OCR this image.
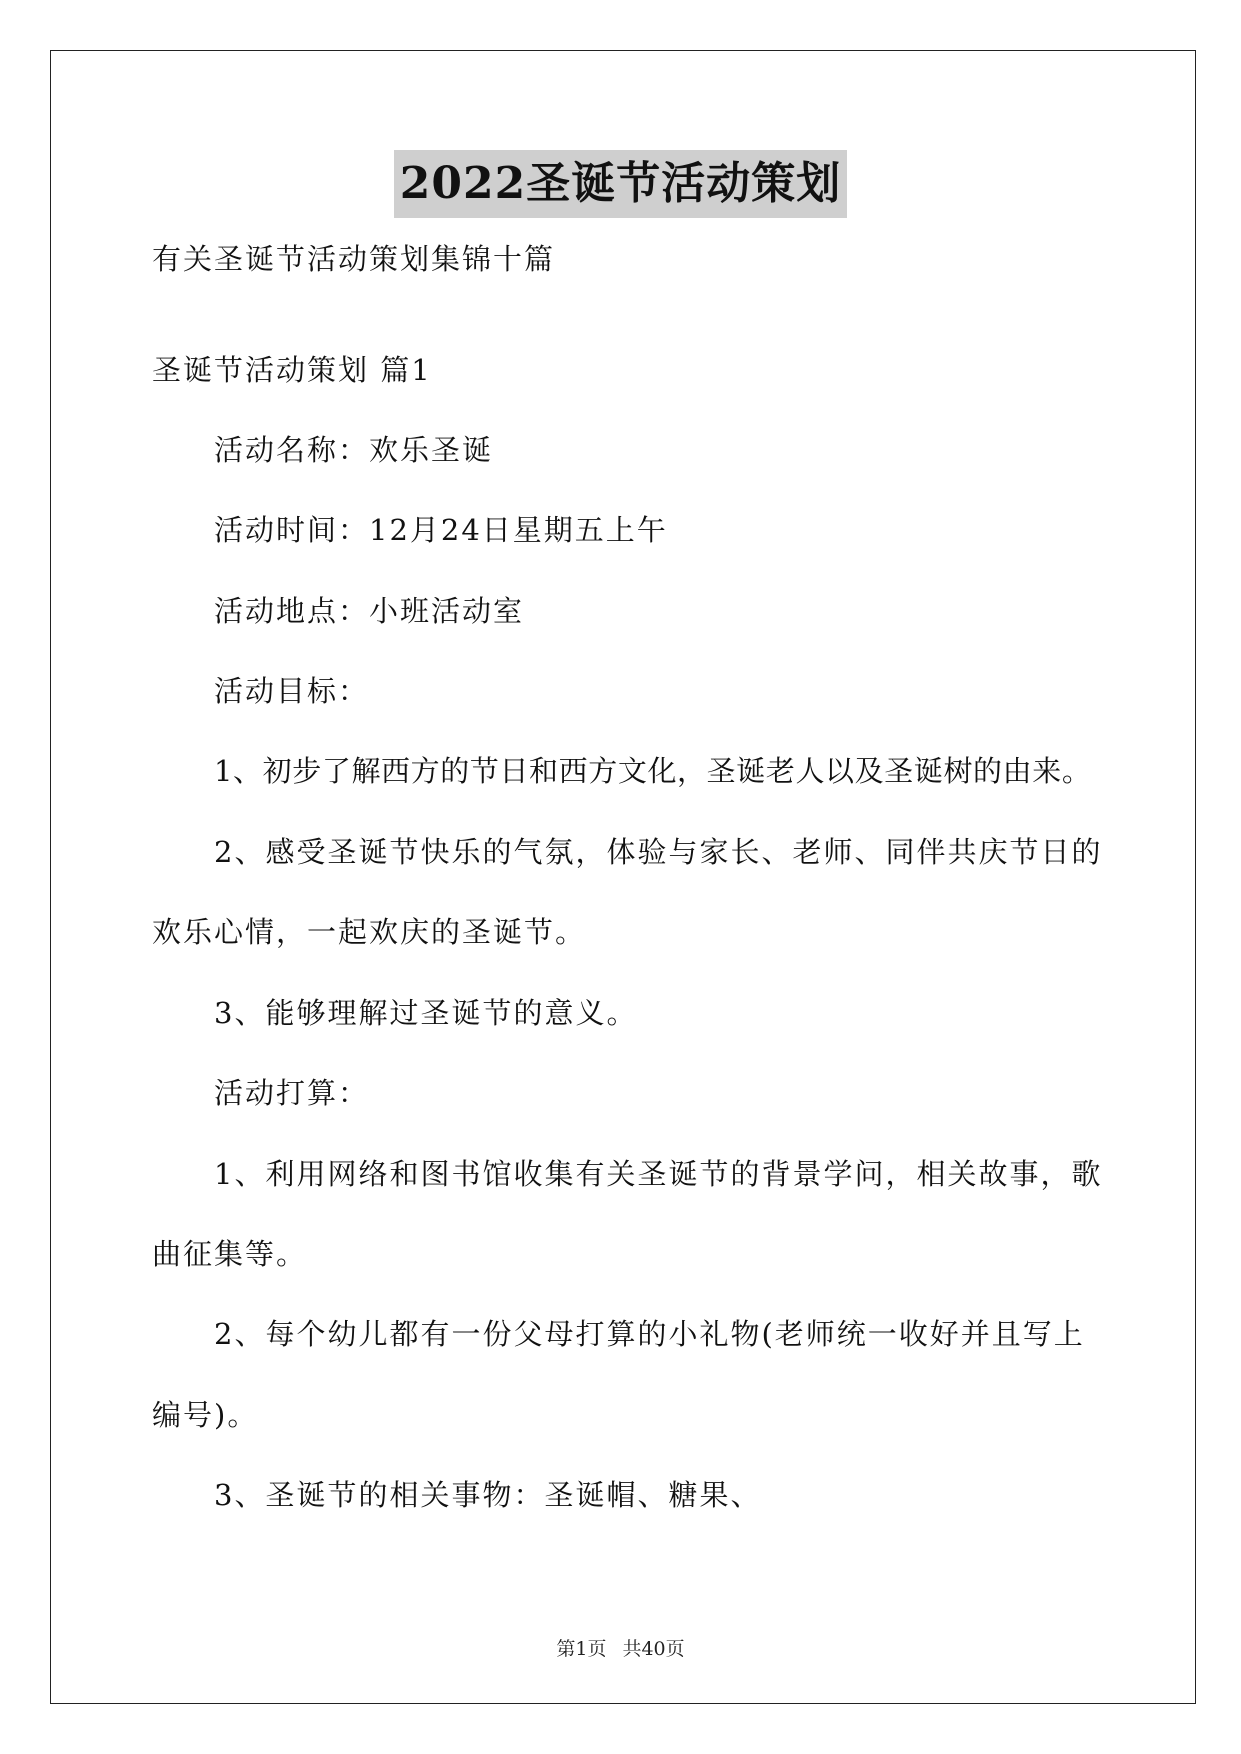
2022圣诞节活动策划
有关圣诞节活动策划集锦十篇
圣诞节活动策划 篇1
活动名称：欢乐圣诞
活动时间：12月24日星期五上午
活动地点：小班活动室
活动目标：
1、初步了解西方的节日和西方文化，圣诞老人以及圣诞树的由来。
2、感受圣诞节快乐的气氛，体验与家长、老师、同伴共庆节日的
欢乐心情，一起欢庆的圣诞节。
3、能够理解过圣诞节的意义。
活动打算：
1、利用网络和图书馆收集有关圣诞节的背景学问，相关故事，歌
曲征集等。
2、每个幼儿都有一份父母打算的小礼物(老师统一收好并且写上
编号)。
3、圣诞节的相关事物：圣诞帽、糖果、
第1页 共40页
